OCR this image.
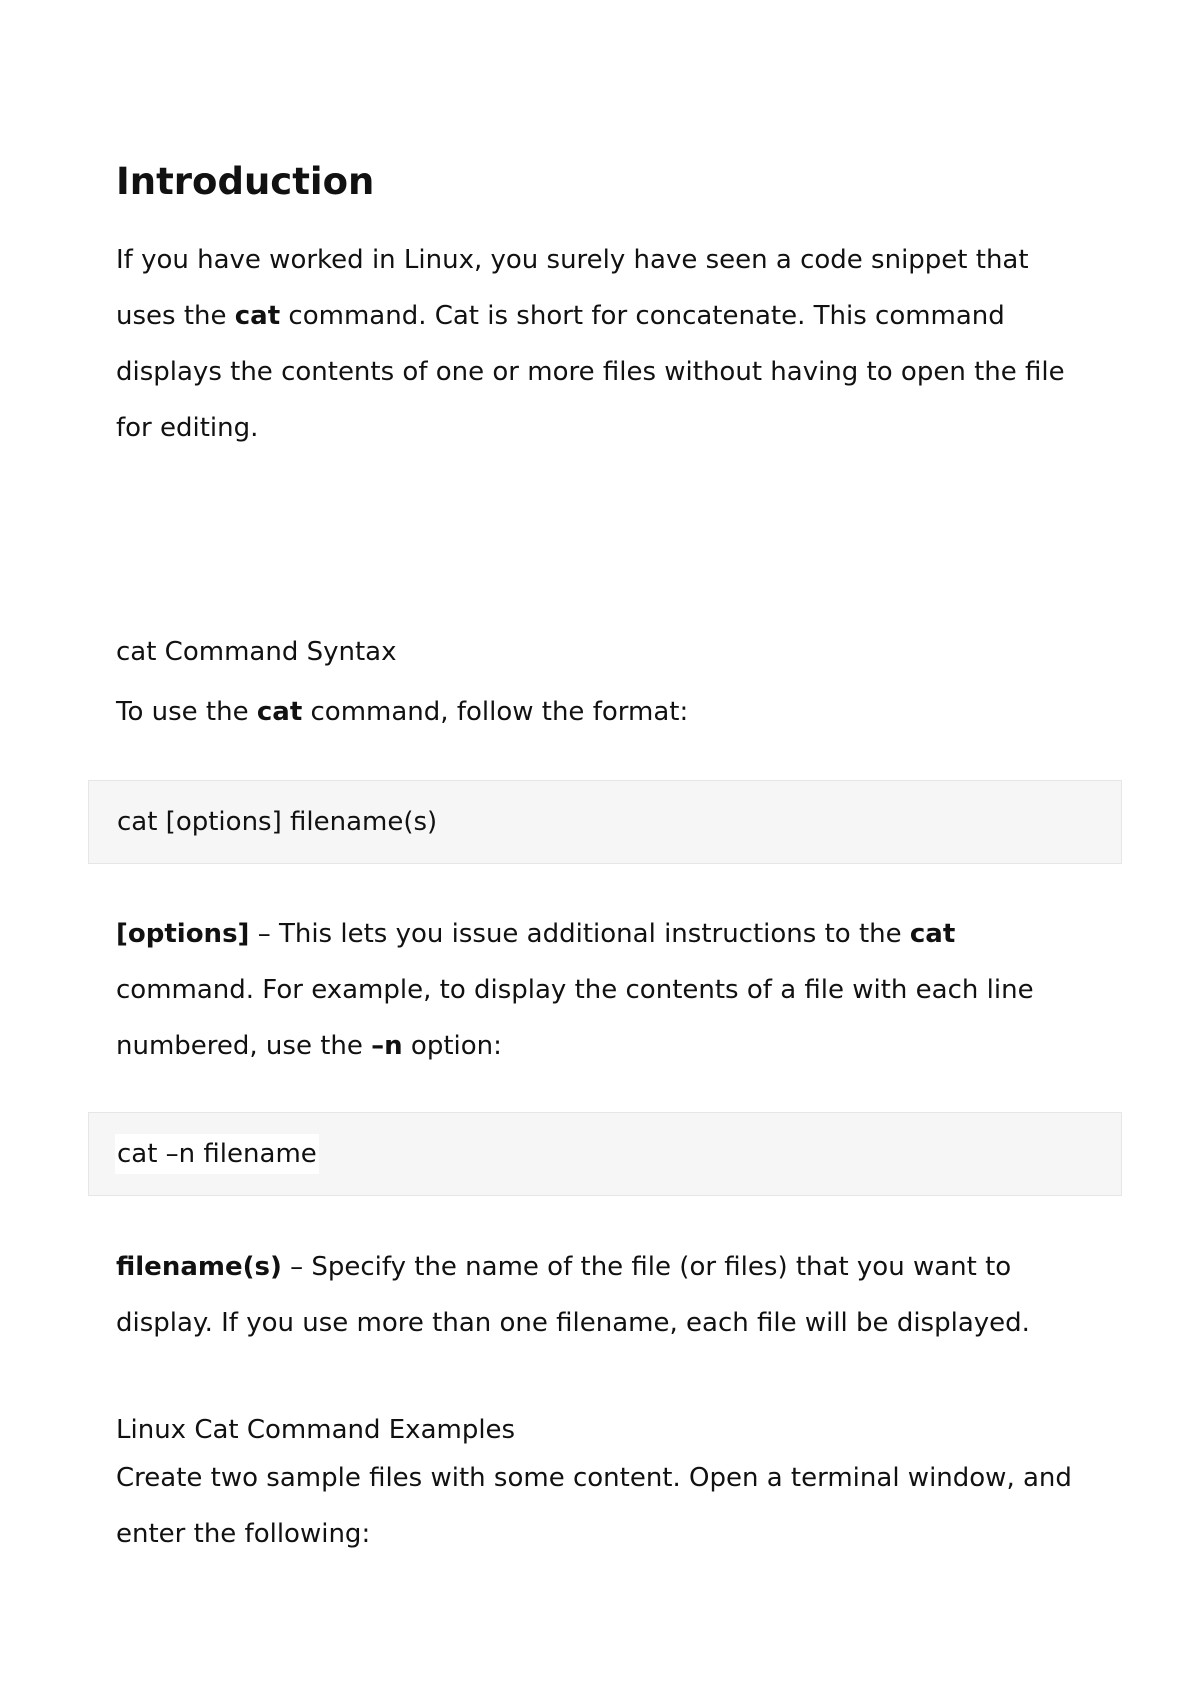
Introduction

If you have worked in Linux, you surely have seen a code snippet that uses the cat command. Cat is short for concatenate. This command displays the contents of one or more files without having to open the file for editing.

cat Command Syntax

To use the cat command, follow the format:

cat [options] filename(s)

[options] – This lets you issue additional instructions to the cat command. For example, to display the contents of a file with each line numbered, use the –n option:

cat –n filename

filename(s) – Specify the name of the file (or files) that you want to display. If you use more than one filename, each file will be displayed.

Linux Cat Command Examples

Create two sample files with some content. Open a terminal window, and enter the following:
